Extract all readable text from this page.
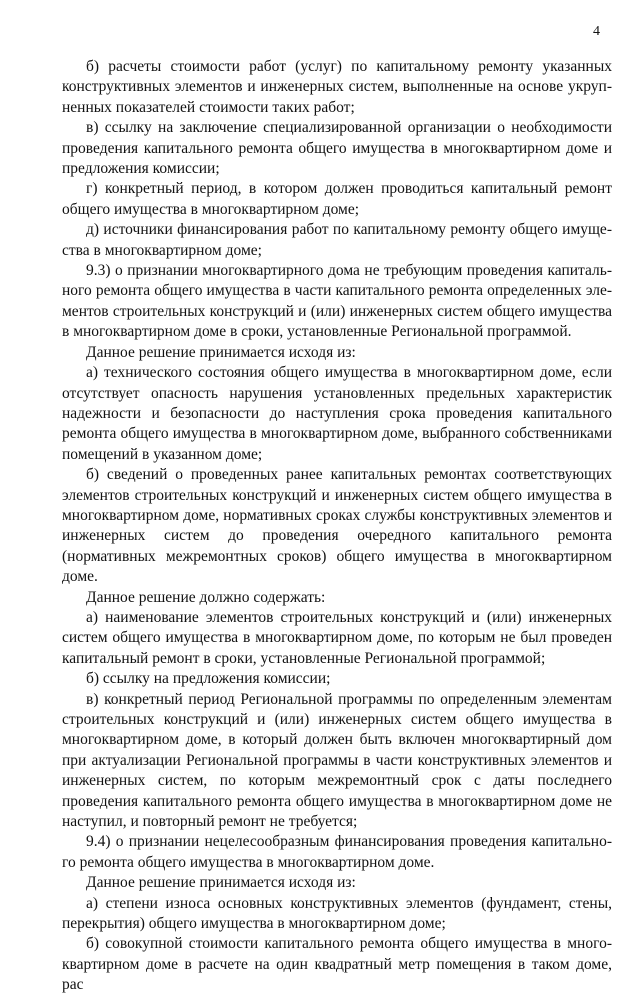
4

б) расчеты стоимости работ (услуг) по капитальному ремонту указанных конструктивных элементов и инженерных систем, выполненные на основе укрупненных показателей стоимости таких работ;

в) ссылку на заключение специализированной организации о необходимости проведения капитального ремонта общего имущества в многоквартирном доме и предложения комиссии;

г) конкретный период, в котором должен проводиться капитальный ремонт общего имущества в многоквартирном доме;

д) источники финансирования работ по капитальному ремонту общего имущества в многоквартирном доме;

9.3) о признании многоквартирного дома не требующим проведения капитального ремонта общего имущества в части капитального ремонта определенных элементов строительных конструкций и (или) инженерных систем общего имущества в многоквартирном доме в сроки, установленные Региональной программой.

Данное решение принимается исходя из:

а) технического состояния общего имущества в многоквартирном доме, если отсутствует опасность нарушения установленных предельных характеристик надежности и безопасности до наступления срока проведения капитального ремонта общего имущества в многоквартирном доме, выбранного собственниками помещений в указанном доме;

б) сведений о проведенных ранее капитальных ремонтах соответствующих элементов строительных конструкций и инженерных систем общего имущества в многоквартирном доме, нормативных сроках службы конструктивных элементов и инженерных систем до проведения очередного капитального ремонта (нормативных межремонтных сроков) общего имущества в многоквартирном доме.

Данное решение должно содержать:

а) наименование элементов строительных конструкций и (или) инженерных систем общего имущества в многоквартирном доме, по которым не был проведен капитальный ремонт в сроки, установленные Региональной программой;

б) ссылку на предложения комиссии;

в) конкретный период Региональной программы по определенным элементам строительных конструкций и (или) инженерных систем общего имущества в многоквартирном доме, в который должен быть включен многоквартирный дом при актуализации Региональной программы в части конструктивных элементов и инженерных систем, по которым межремонтный срок с даты последнего проведения капитального ремонта общего имущества в многоквартирном доме не наступил, и повторный ремонт не требуется;

9.4) о признании нецелесообразным финансирования проведения капитального ремонта общего имущества в многоквартирном доме.

Данное решение принимается исходя из:

а) степени износа основных конструктивных элементов (фундамент, стены, перекрытия) общего имущества в многоквартирном доме;

б) совокупной стоимости капитального ремонта общего имущества в многоквартирном доме в расчете на один квадратный метр помещения в таком доме, рас
